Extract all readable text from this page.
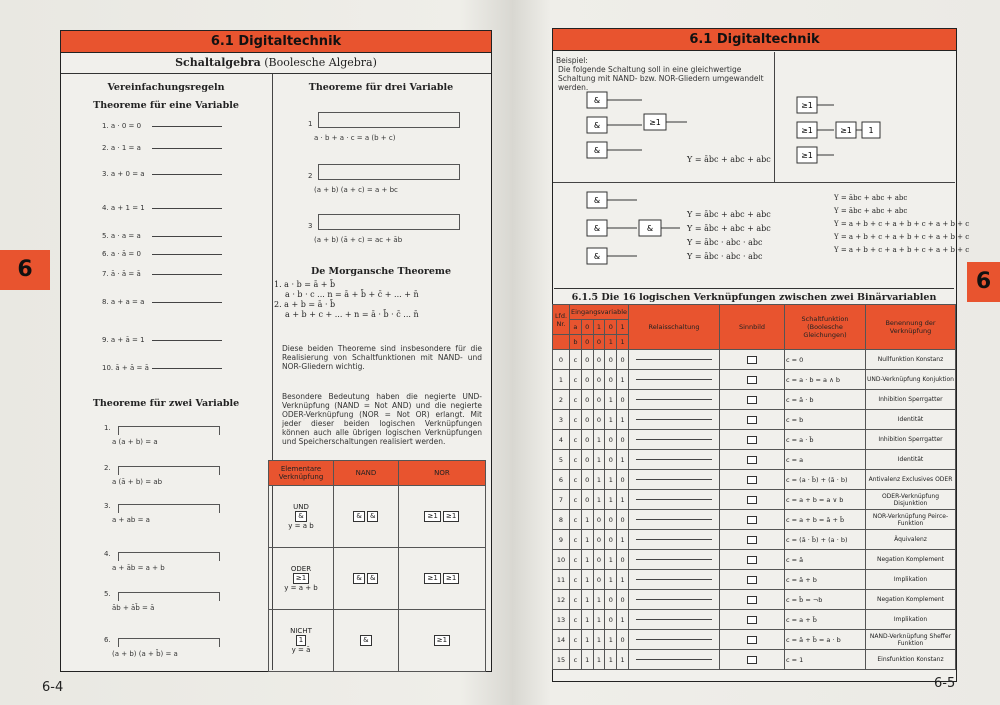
6.1 Digitaltechnik
Schaltalgebra (Boolesche Algebra)
Vereinfachungsregeln
Theoreme für eine Variable
1. a · 0 = 0
2. a · 1 = a
3. a + 0 = a
4. a + 1 = 1
5. a · a = a
6. a · ā = 0
7. ā · ā = ā
8. a + a = a
9. a + ā = 1
10. ā + ā = ā
Theoreme für zwei Variable
1.
a (a + b) = a
2.
a (ā + b) = ab
3.
a + ab = a
4.
a + āb = a + b
5.
āb + āb̄ = ā
6.
(a + b) (a + b̄) = a
Theoreme für drei Variable
1
a · b + a · c = a (b + c)
2
(a + b) (a + c) = a + bc
3
(a + b) (ā + c) = ac + āb
De Morgansche Theoreme
1. a · b = ā + b̄
a · b · c ... n = ā + b̄ + c̄ + ... + n̄
2. a + b = ā · b̄
a + b + c + ... + n = ā · b̄ · c̄ ... n̄
Diese beiden Theoreme sind insbesondere für die Realisierung von Schaltfunktionen mit NAND- und NOR-Gliedern wichtig.
Besondere Bedeutung haben die negierte UND-Verknüpfung (NAND = Not AND) und die negierte ODER-Verknüpfung (NOR = Not OR) erlangt. Mit jeder dieser beiden logischen Verknüpfungen können auch alle übrigen logischen Verknüpfungen und Speicherschaltungen realisiert werden.
Elementare Verknüpfung	NAND	NOR

UND
&
y = a b	& &	≥1 ≥1

ODER
≥1
y = a + b	& &	≥1 ≥1

NICHT
1
y = ā	&	≥1
6
6-4
6.1 Digitaltechnik
Beispiel:
Die folgende Schaltung soll in eine gleichwertige Schaltung mit NAND- bzw. NOR-Gliedern umgewandelt werden.
&
&
&
≥1
&
&
&
&
≥1
≥1
≥1
≥1 1
Y = ābc + abc + abc
Y = ābc + abc + abc
Y = ābc + abc + abc
Y = ābc · abc · abc
Y = ābc · abc · abc
Y = ābc + abc + abc
Y = ābc + abc + abc
Y = a + b + c + a + b + c + a + b + c
Y = a + b + c + a + b + c + a + b + c
Y = a + b + c + a + b + c + a + b + c
6.1.5 Die 16 logischen Verknüpfungen zwischen zwei Binärvariablen
Lfd. Nr.	Eingangsvariable					Relaisschaltung	Sinnbild	Schaltfunktion (Boolesche Gleichungen)	Benennung der Verknüpfung
	a	0	1	0	1				
	b	0	0	1	1				
0	c	0	0	0	0			c = 0	Nullfunktion Konstanz
1	c	0	0	0	1			c = a · b = a ∧ b	UND-Verknüpfung Konjuktion
2	c	0	0	1	0			c = ā · b	Inhibition Sperrgatter
3	c	0	0	1	1			c = b	Identität
4	c	0	1	0	0			c = a · b̄	Inhibition Sperrgatter
5	c	0	1	0	1			c = a	Identität
6	c	0	1	1	0			c = (a · b̄) + (ā · b)	Antivalenz Exclusives ODER
7	c	0	1	1	1			c = a + b = a ∨ b	ODER-Verknüpfung Disjunktion
8	c	1	0	0	0			c = a + b = ā + b̄	NOR-Verknüpfung Peirce-Funktion
9	c	1	0	0	1			c = (ā · b̄) + (a · b)	Äquivalenz
10	c	1	0	1	0			c = ā	Negation Komplement
11	c	1	0	1	1			c = ā + b	Implikation
12	c	1	1	0	0			c = b̄ = ¬b	Negation Komplement
13	c	1	1	0	1			c = a + b̄	Implikation
14	c	1	1	1	0			c = ā + b̄ = a · b	NAND-Verknüpfung Sheffer Funktion
15	c	1	1	1	1			c = 1	Einsfunktion Konstanz
6
6-5
